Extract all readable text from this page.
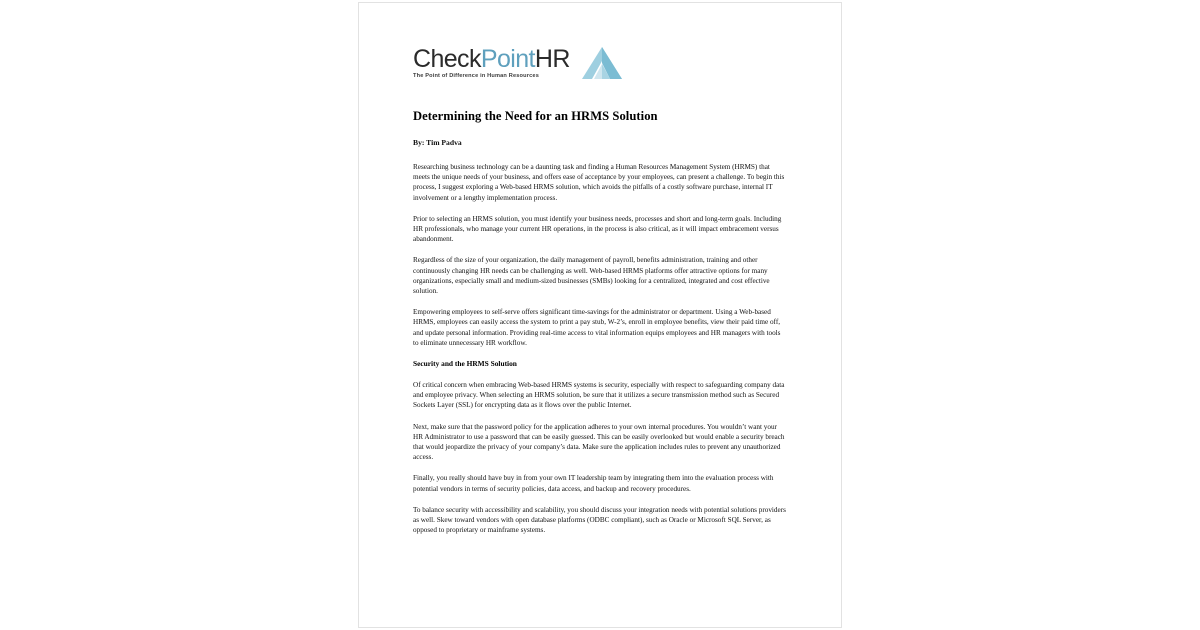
CheckPointHR
The Point of Difference in Human Resources
Determining the Need for an HRMS Solution
By: Tim Padva

Researching business technology can be a daunting task and finding a Human Resources Management System (HRMS) that meets the unique needs of your business, and offers ease of acceptance by your employees, can present a challenge. To begin this process, I suggest exploring a Web-based HRMS solution, which avoids the pitfalls of a costly software purchase, internal IT involvement or a lengthy implementation process.

Prior to selecting an HRMS solution, you must identify your business needs, processes and short and long-term goals. Including HR professionals, who manage your current HR operations, in the process is also critical, as it will impact embracement versus abandonment.

Regardless of the size of your organization, the daily management of payroll, benefits administration, training and other continuously changing HR needs can be challenging as well. Web-based HRMS platforms offer attractive options for many organizations, especially small and medium-sized businesses (SMBs) looking for a centralized, integrated and cost effective solution.

Empowering employees to self-serve offers significant time-savings for the administrator or department. Using a Web-based HRMS, employees can easily access the system to print a pay stub, W-2’s, enroll in employee benefits, view their paid time off, and update personal information. Providing real-time access to vital information equips employees and HR managers with tools to eliminate unnecessary HR workflow.

Security and the HRMS Solution

Of critical concern when embracing Web-based HRMS systems is security, especially with respect to safeguarding company data and employee privacy. When selecting an HRMS solution, be sure that it utilizes a secure transmission method such as Secured Sockets Layer (SSL) for encrypting data as it flows over the public Internet.

Next, make sure that the password policy for the application adheres to your own internal procedures. You wouldn’t want your HR Administrator to use a password that can be easily guessed. This can be easily overlooked but would enable a security breach that would jeopardize the privacy of your company’s data. Make sure the application includes rules to prevent any unauthorized access.

Finally, you really should have buy in from your own IT leadership team by integrating them into the evaluation process with potential vendors in terms of security policies, data access, and backup and recovery procedures.

To balance security with accessibility and scalability, you should discuss your integration needs with potential solutions providers as well. Skew toward vendors with open database platforms (ODBC compliant), such as Oracle or Microsoft SQL Server, as opposed to proprietary or mainframe systems.
